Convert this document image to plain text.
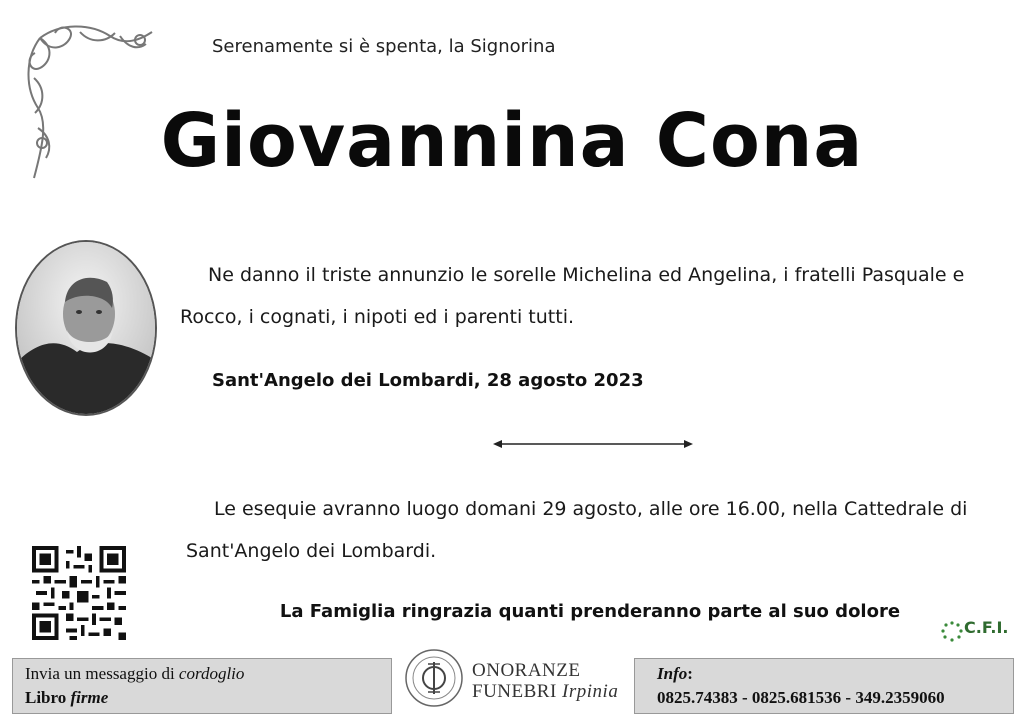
Serenamente si è spenta, la Signorina
Giovannina Cona
Ne danno il triste annunzio le sorelle Michelina ed Angelina, i fratelli Pasquale e Rocco, i cognati, i nipoti ed i parenti tutti.
Sant'Angelo dei Lombardi, 28 agosto 2023
Le esequie avranno luogo domani 29 agosto, alle ore 16.00, nella Cattedrale di Sant'Angelo dei Lombardi.
La Famiglia ringrazia quanti prenderanno parte al suo dolore
C.F.I.
Invia un messaggio di cordoglio
Libro firme
ONORANZE
FUNEBRI Irpinia
Info:
0825.74383 - 0825.681536 - 349.2359060
